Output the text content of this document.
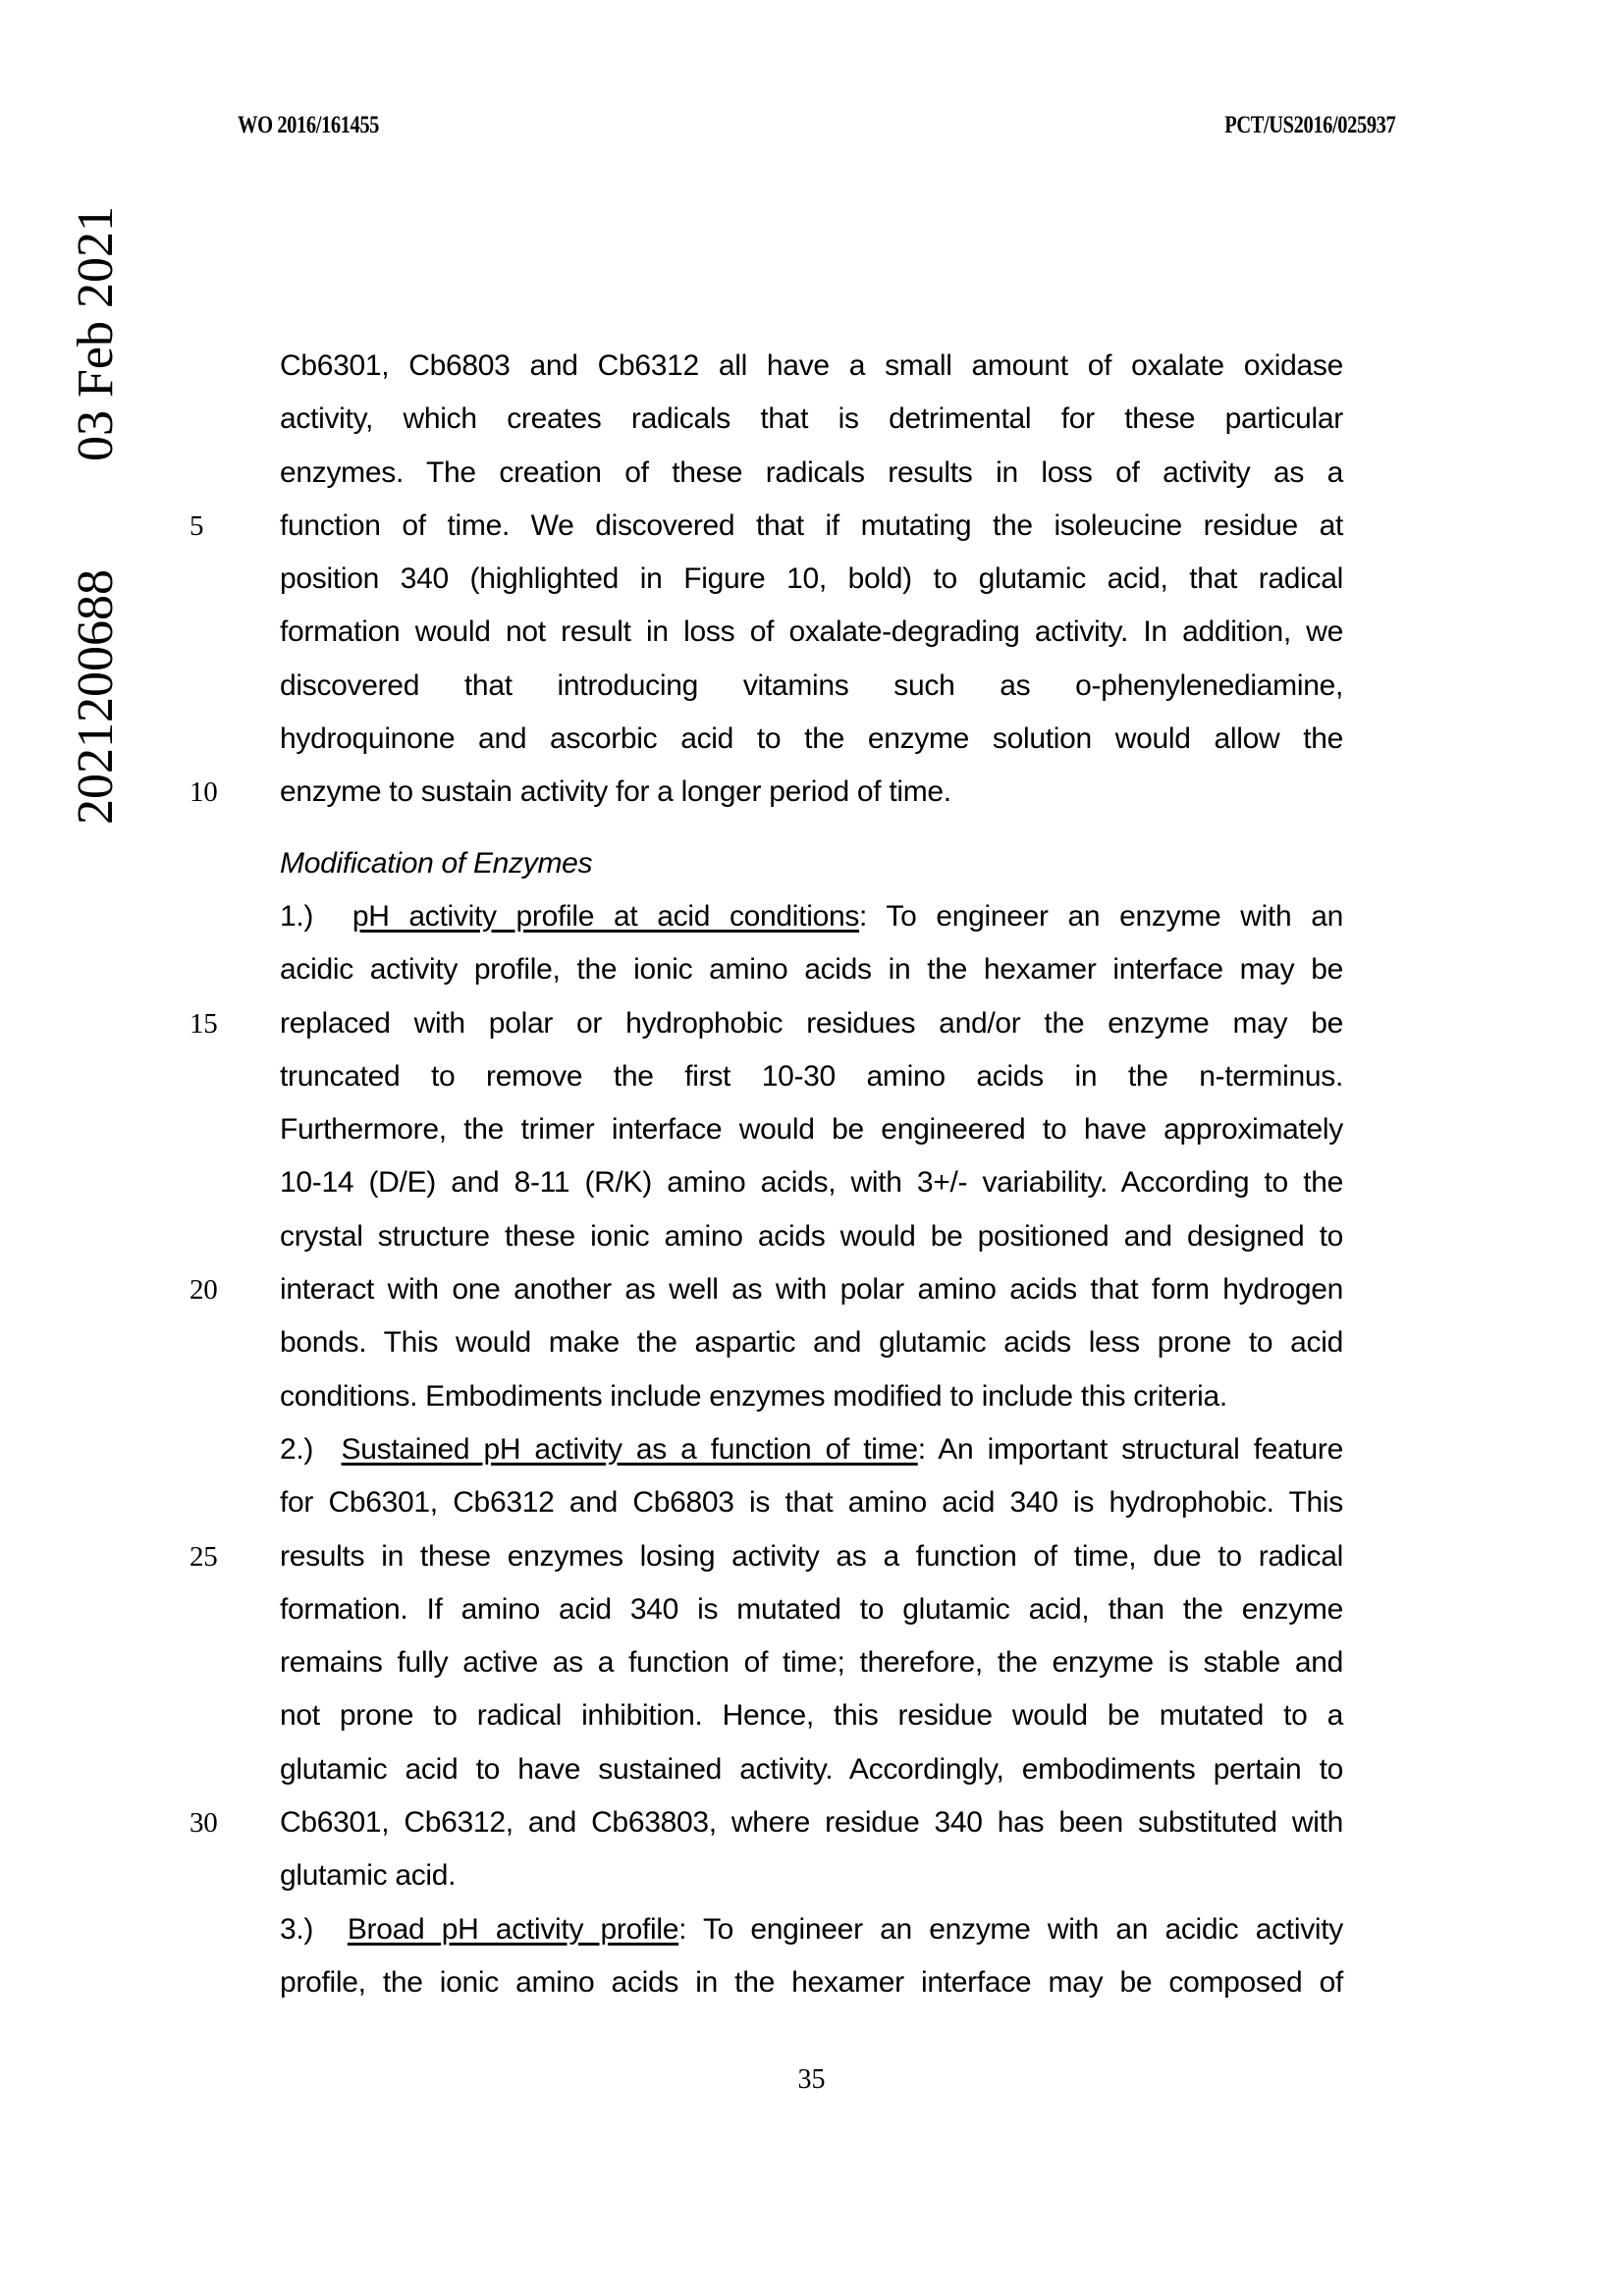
WO 2016/161455	PCT/US2016/025937
2021200688
03 Feb 2021	Cb6301, Cb6803 and Cb6312 all have a small amount of oxalate oxidase
activity, which creates radicals that is detrimental for these particular
enzymes. The creation of these radicals results in loss of activity as a
5	function of time. We discovered that if mutating the isoleucine residue at
position 340 (highlighted in Figure 10, bold) to glutamic acid, that radical
formation would not result in loss of oxalate-degrading activity. In addition, we
discovered that introducing vitamins such as o-phenylenediamine,
hydroquinone and ascorbic acid to the enzyme solution would allow the
10	enzyme to sustain activity for a longer period of time.
Modification of Enzymes
1.) pH activity profile at acid conditions: To engineer an enzyme with an
acidic activity profile, the ionic amino acids in the hexamer interface may be
15	replaced with polar or hydrophobic residues and/or the enzyme may be
truncated to remove the first 10-30 amino acids in the n-terminus.
Furthermore, the trimer interface would be engineered to have approximately
10-14 (D/E) and 8-11 (R/K) amino acids, with 3+/- variability. According to the
crystal structure these ionic amino acids would be positioned and designed to
20	interact with one another as well as with polar amino acids that form hydrogen
bonds. This would make the aspartic and glutamic acids less prone to acid
conditions. Embodiments include enzymes modified to include this criteria.
2.) Sustained pH activity as a function of time: An important structural feature
for Cb6301, Cb6312 and Cb6803 is that amino acid 340 is hydrophobic. This
25	results in these enzymes losing activity as a function of time, due to radical
formation. If amino acid 340 is mutated to glutamic acid, than the enzyme
remains fully active as a function of time; therefore, the enzyme is stable and
not prone to radical inhibition. Hence, this residue would be mutated to a
glutamic acid to have sustained activity. Accordingly, embodiments pertain to
30	Cb6301, Cb6312, and Cb63803, where residue 340 has been substituted with
glutamic acid.
3.) Broad pH activity profile: To engineer an enzyme with an acidic activity
profile, the ionic amino acids in the hexamer interface may be composed of
35
